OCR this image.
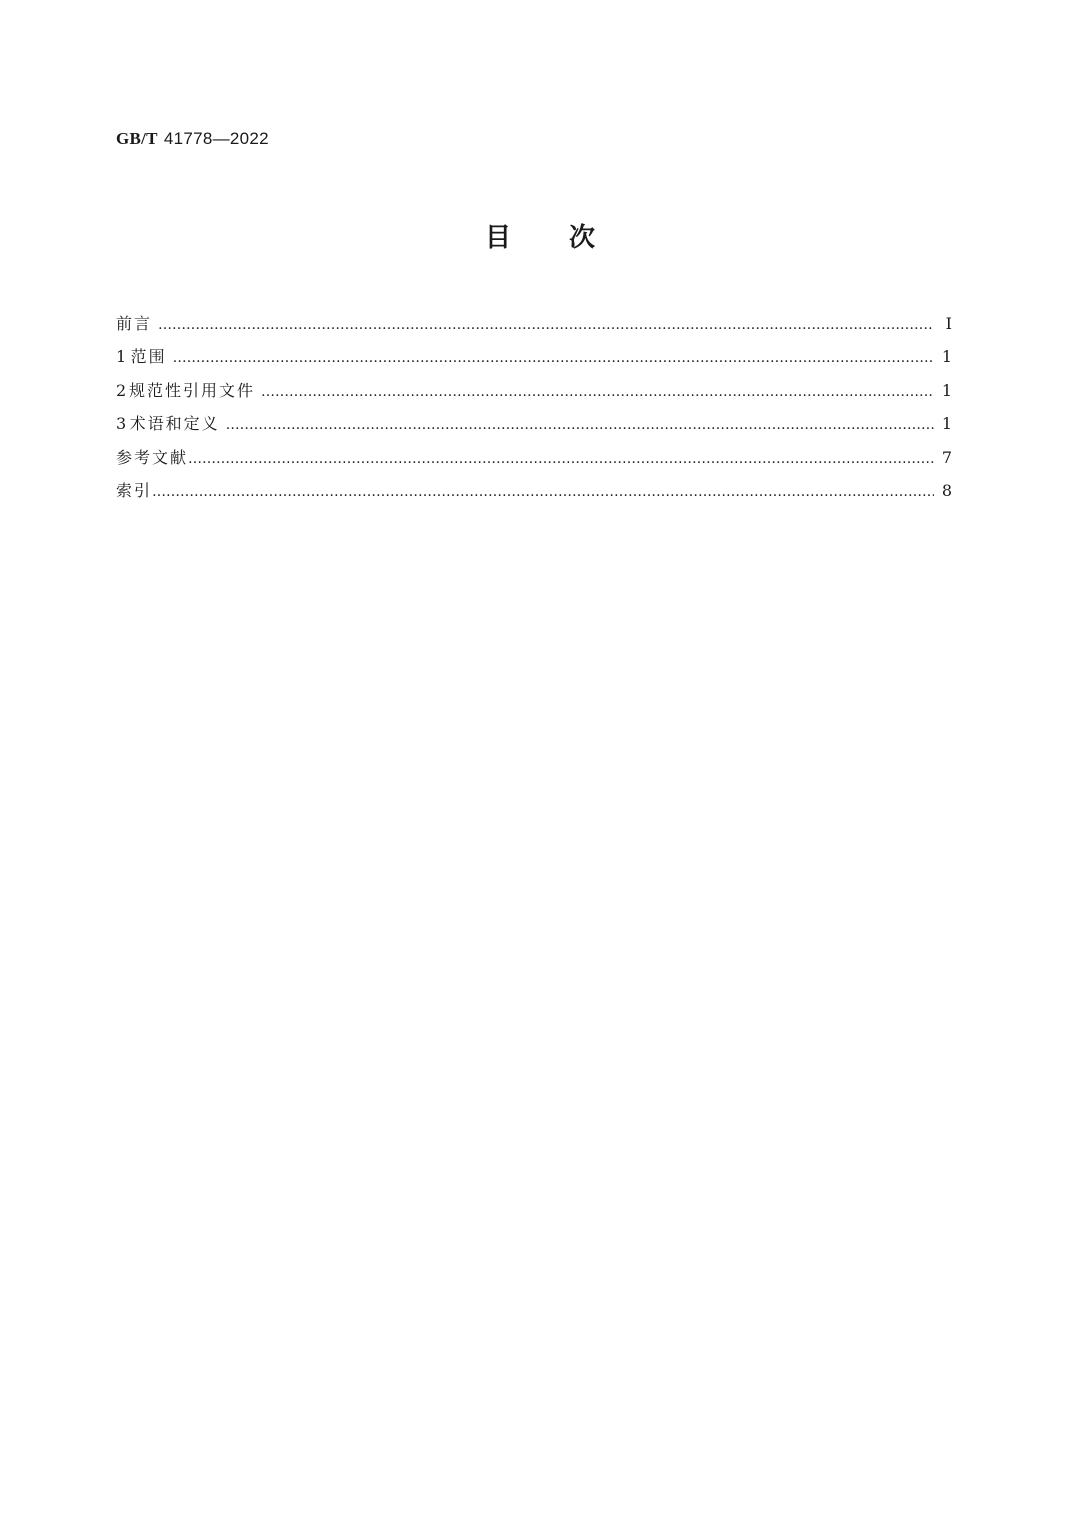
GB/T 41778—2022
目 次
前言 ……………………………………………………………………………………………………………………………………………………………………………………………………………………………………………………………………………………	Ⅰ
1 范围 ……………………………………………………………………………………………………………………………………………………………………………………………………………………………………………………………………………………	1
2 规范性引用文件 ……………………………………………………………………………………………………………………………………………………………………………………………………………………………………………………………………………………	1
3 术语和定义 ……………………………………………………………………………………………………………………………………………………………………………………………………………………………………………………………………………………	1
参考文献 ……………………………………………………………………………………………………………………………………………………………………………………………………………………………………………………………………………………	7
索引 ……………………………………………………………………………………………………………………………………………………………………………………………………………………………………………………………………………………	8
